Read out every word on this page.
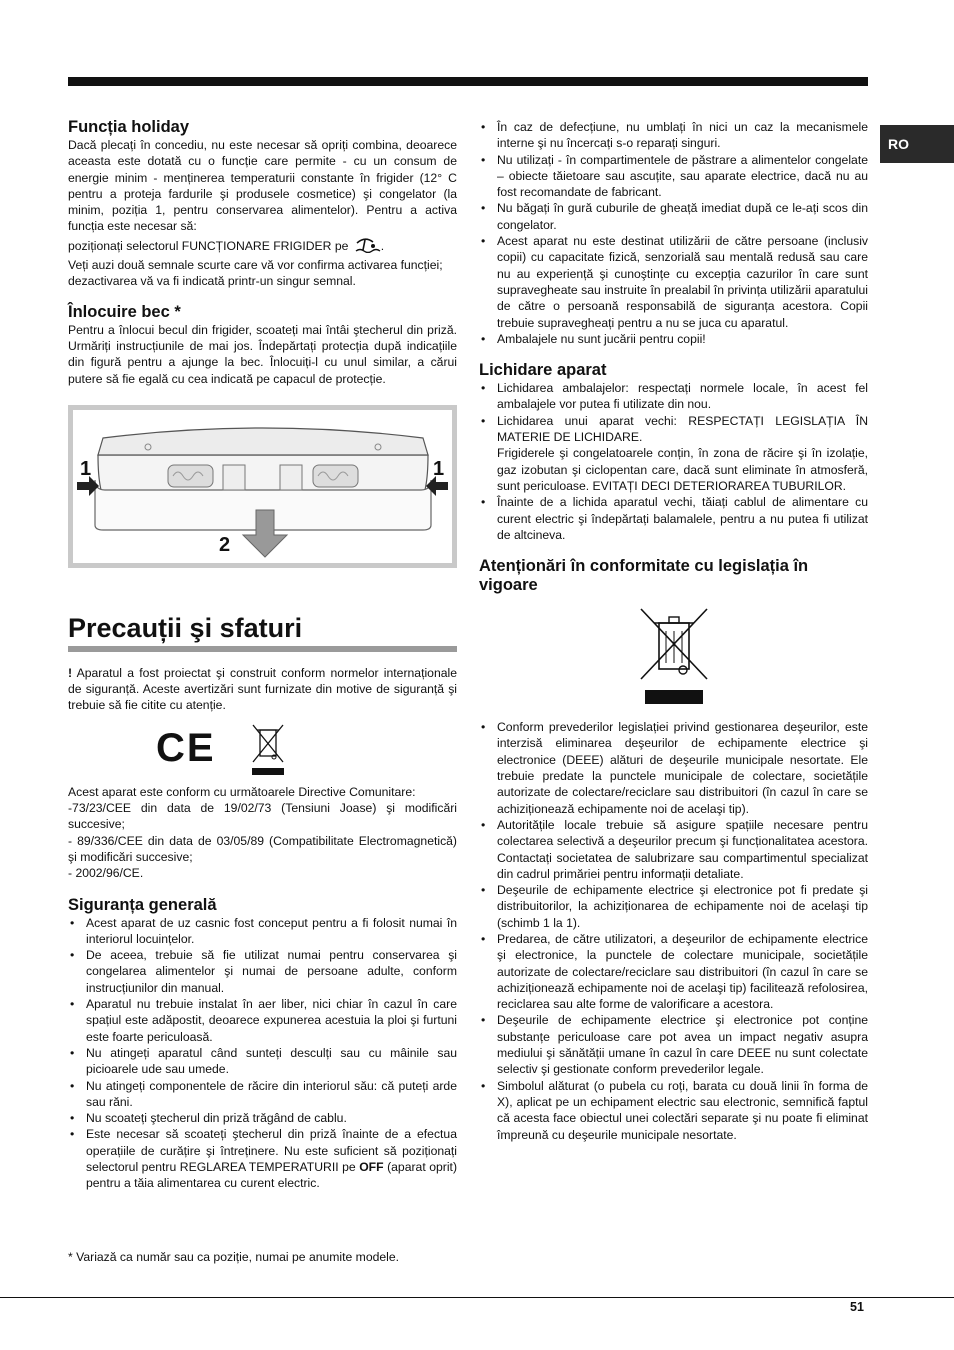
RO
Funcția holiday

Dacă plecați în concediu, nu este necesar să opriți combina, deoarece aceasta este dotată cu o funcție care permite - cu un consum de energie minim - menținerea temperaturii constante în frigider (12° C pentru a proteja fardurile şi produsele cosmetice) şi congelator (la minim, poziția 1, pentru conservarea alimentelor). Pentru a activa funcția este necesar să:

poziționați selectorul FUNCȚIONARE FRIGIDER pe	.

Veți auzi două semnale scurte care vă vor confirma activarea funcției; dezactivarea vă va fi indicată printr-un singur semnal.

Înlocuire bec *

Pentru a înlocui becul din frigider, scoateți mai întâi ştecherul din priză. Urmăriți instrucțiunile de mai jos. Îndepărtați protecția după indicațiile din figură pentru a ajunge la bec. Înlocuiți-l cu unul similar, a cărui putere să fie egală cu cea indicată pe capacul de protecție.

1	1
2
Precauții şi sfaturi

! Aparatul a fost proiectat şi construit conform normelor internaționale de siguranță. Aceste avertizări sunt furnizate din motive de siguranță şi trebuie să fie citite cu atenție.

CE

Acest aparat este conform cu următoarele Directive Comunitare:

-73/23/CEE din data de 19/02/73 (Tensiuni Joase) şi modificări succesive;

- 89/336/CEE din data de 03/05/89 (Compatibilitate Electromagnetică) şi modificări succesive;

- 2002/96/CE.

Siguranța generală
• Acest aparat de uz casnic fost conceput pentru a fi folosit numai în interiorul locuințelor.
• De aceea, trebuie să fie utilizat numai pentru conservarea şi congelarea alimentelor şi numai de persoane adulte, conform instrucțiunilor din manual.
• Aparatul nu trebuie instalat în aer liber, nici chiar în cazul în care spațiul este adăpostit, deoarece expunerea acestuia la ploi şi furtuni este foarte periculoasă.
• Nu atingeți aparatul când sunteți desculți sau cu mâinile sau picioarele ude sau umede.
• Nu atingeți componentele de răcire din interiorul său: că puteți arde sau răni.
• Nu scoateți ştecherul din priză trăgând de cablu.
• Este necesar să scoateți ştecherul din priză înainte de a efectua operațiile de curățire şi întreținere. Nu este suficient să poziționați selectorul pentru REGLAREA TEMPERATURII pe OFF (aparat oprit) pentru a tăia alimentarea cu curent electric.
• În caz de defecțiune, nu umblați în nici un caz la mecanismele interne şi nu încercați s-o reparați singuri.
• Nu utilizați - în compartimentele de păstrare a alimentelor congelate – obiecte tăietoare sau ascuțite, sau aparate electrice, dacă nu au fost recomandate de fabricant.
• Nu băgați în gură cuburile de gheață imediat după ce le-ați scos din congelator.
• Acest aparat nu este destinat utilizării de către persoane (inclusiv copii) cu capacitate fizică, senzorială sau mentală redusă sau care nu au experiență şi cunoştințe cu excepția cazurilor în care sunt supravegheate sau instruite în prealabil în privința utilizării aparatului de către o persoană responsabilă de siguranța acestora. Copii trebuie supravegheați pentru a nu se juca cu aparatul.
• Ambalajele nu sunt jucării pentru copii!
Lichidare aparat
• Lichidarea ambalajelor: respectați normele locale, în acest fel ambalajele vor putea fi utilizate din nou.
• Lichidarea unui aparat vechi: RESPECTAȚI LEGISLAȚIA ÎN MATERIE DE LICHIDARE.
Frigiderele şi congelatoarele conțin, în zona de răcire şi în izolație, gaz izobutan şi ciclopentan care, dacă sunt eliminate în atmosferă, sunt periculoase. EVITAȚI DECI DETERIORAREA TUBURILOR.
• Înainte de a lichida aparatul vechi, tăiați cablul de alimentare cu curent electric şi îndepărtați balamalele, pentru a nu putea fi utilizat de altcineva.
Atenționări în conformitate cu legislația în vigoare
• Conform prevederilor legislației privind gestionarea deşeurilor, este interzisă eliminarea deşeurilor de echipamente electrice şi electronice (DEEE) alături de deşeurile municipale nesortate. Ele trebuie predate la punctele municipale de colectare, societățile autorizate de colectare/reciclare sau distribuitori (în cazul în care se achiziționează echipamente noi de acelaşi tip).
• Autoritățile locale trebuie să asigure spațiile necesare pentru colectarea selectivă a deşeurilor precum şi funcționalitatea acestora. Contactați societatea de salubrizare sau compartimentul specializat din cadrul primăriei pentru informații detaliate.
• Deşeurile de echipamente electrice şi electronice pot fi predate şi distribuitorilor, la achiziționarea de echipamente noi de acelaşi tip (schimb 1 la 1).
• Predarea, de către utilizatori, a deşeurilor de echipamente electrice şi electronice, la punctele de colectare municipale, societățile autorizate de colectare/reciclare sau distribuitori (în cazul în care se achiziționează echipamente noi de acelaşi tip) facilitează refolosirea, reciclarea sau alte forme de valorificare a acestora.
• Deşeurile de echipamente electrice şi electronice pot conține substanțe periculoase care pot avea un impact negativ asupra mediului şi sănătății umane în cazul în care DEEE nu sunt colectate selectiv şi gestionate conform prevederilor legale.
• Simbolul alăturat (o pubela cu roți, barata cu două linii în forma de X), aplicat pe un echipament electric sau electronic, semnifică faptul că acesta face obiectul unei colectări separate şi nu poate fi eliminat împreună cu deşeurile municipale nesortate.
* Variază ca număr sau ca poziție, numai pe anumite modele.
51
